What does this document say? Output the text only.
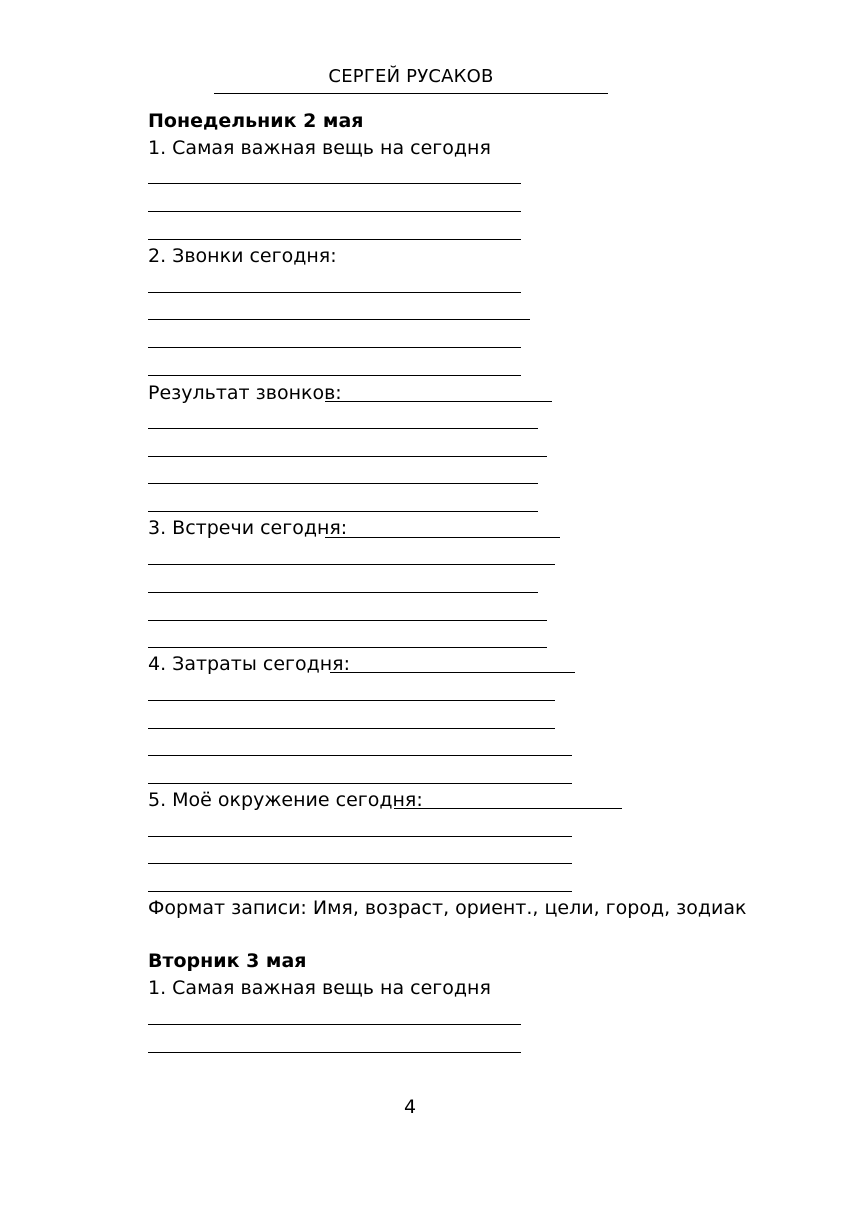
СЕРГЕЙ РУСАКОВ
Понедельник 2 мая
1. Самая важная вещь на сегодня
2. Звонки сегодня:
Результат звонков:
3. Встречи сегодня:
4. Затраты сегодня:
5. Моё окружение сегодня:
Формат записи: Имя, возраст, ориент., цели, город, зодиак
Вторник 3 мая
1. Самая важная вещь на сегодня
4
